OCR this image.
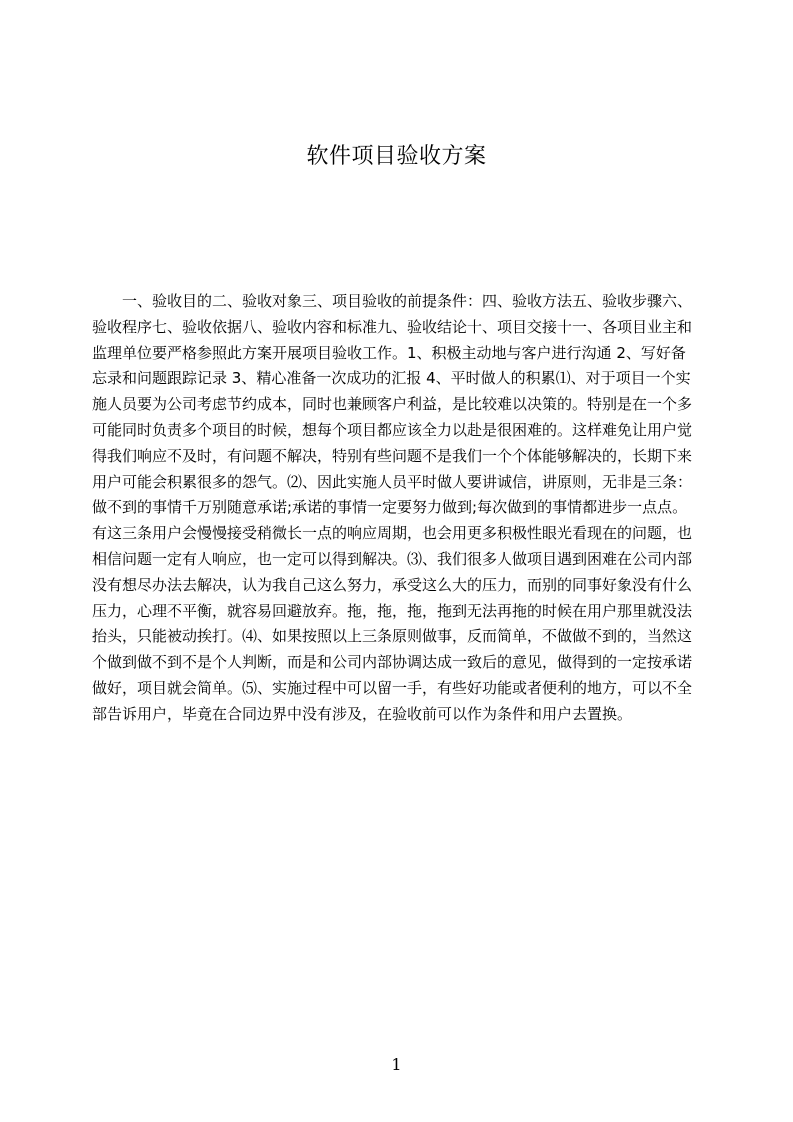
软件项目验收方案
一、验收目的二、验收对象三、项目验收的前提条件：四、验收方法五、验收步骤六、验收程序七、验收依据八、验收内容和标准九、验收结论十、项目交接十一、各项目业主和监理单位要严格参照此方案开展项目验收工作。1、积极主动地与客户进行沟通 2、写好备忘录和问题跟踪记录 3、精心准备一次成功的汇报 4、平时做人的积累⑴、对于项目一个实施人员要为公司考虑节约成本，同时也兼顾客户利益，是比较难以决策的。特别是在一个多可能同时负责多个项目的时候，想每个项目都应该全力以赴是很困难的。这样难免让用户觉得我们响应不及时，有问题不解决，特别有些问题不是我们一个个体能够解决的，长期下来用户可能会积累很多的怨气。⑵、因此实施人员平时做人要讲诚信，讲原则，无非是三条：做不到的事情千万别随意承诺;承诺的事情一定要努力做到;每次做到的事情都进步一点点。有这三条用户会慢慢接受稍微长一点的响应周期，也会用更多积极性眼光看现在的问题，也相信问题一定有人响应，也一定可以得到解决。⑶、我们很多人做项目遇到困难在公司内部没有想尽办法去解决，认为我自己这么努力，承受这么大的压力，而别的同事好象没有什么压力，心理不平衡，就容易回避放弃。拖，拖，拖，拖到无法再拖的时候在用户那里就没法抬头，只能被动挨打。⑷、如果按照以上三条原则做事，反而简单，不做做不到的，当然这个做到做不到不是个人判断，而是和公司内部协调达成一致后的意见，做得到的一定按承诺做好，项目就会简单。⑸、实施过程中可以留一手，有些好功能或者便利的地方，可以不全部告诉用户，毕竟在合同边界中没有涉及，在验收前可以作为条件和用户去置换。
1
